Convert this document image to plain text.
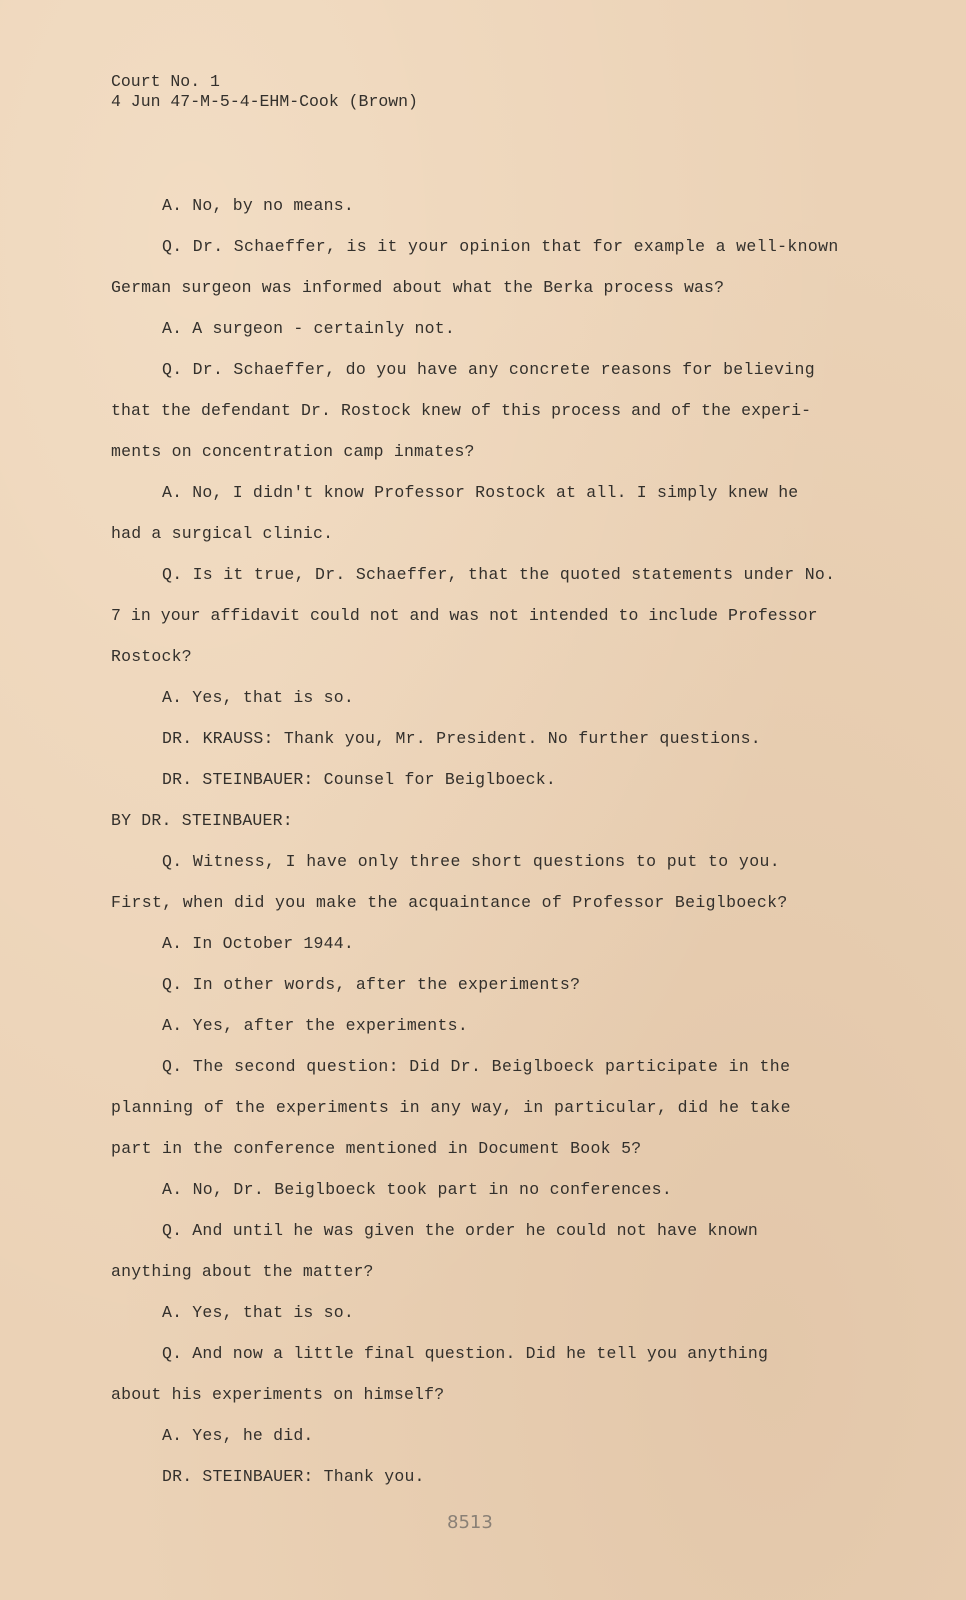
Court No. 1
4 Jun 47-M-5-4-EHM-Cook (Brown)
A. No, by no means.
Q. Dr. Schaeffer, is it your opinion that for example a well-known
German surgeon was informed about what the Berka process was?
A. A surgeon - certainly not.
Q. Dr. Schaeffer, do you have any concrete reasons for believing
that the defendant Dr. Rostock knew of this process and of the experi-
ments on concentration camp inmates?
A. No, I didn't know Professor Rostock at all. I simply knew he
had a surgical clinic.
Q. Is it true, Dr. Schaeffer, that the quoted statements under No.
7 in your affidavit could not and was not intended to include Professor
Rostock?
A. Yes, that is so.
DR. KRAUSS: Thank you, Mr. President. No further questions.
DR. STEINBAUER: Counsel for Beiglboeck.
BY DR. STEINBAUER:
Q. Witness, I have only three short questions to put to you.
First, when did you make the acquaintance of Professor Beiglboeck?
A. In October 1944.
Q. In other words, after the experiments?
A. Yes, after the experiments.
Q. The second question: Did Dr. Beiglboeck participate in the
planning of the experiments in any way, in particular, did he take
part in the conference mentioned in Document Book 5?
A. No, Dr. Beiglboeck took part in no conferences.
Q. And until he was given the order he could not have known
anything about the matter?
A. Yes, that is so.
Q. And now a little final question. Did he tell you anything
about his experiments on himself?
A. Yes, he did.
DR. STEINBAUER: Thank you.
8513
